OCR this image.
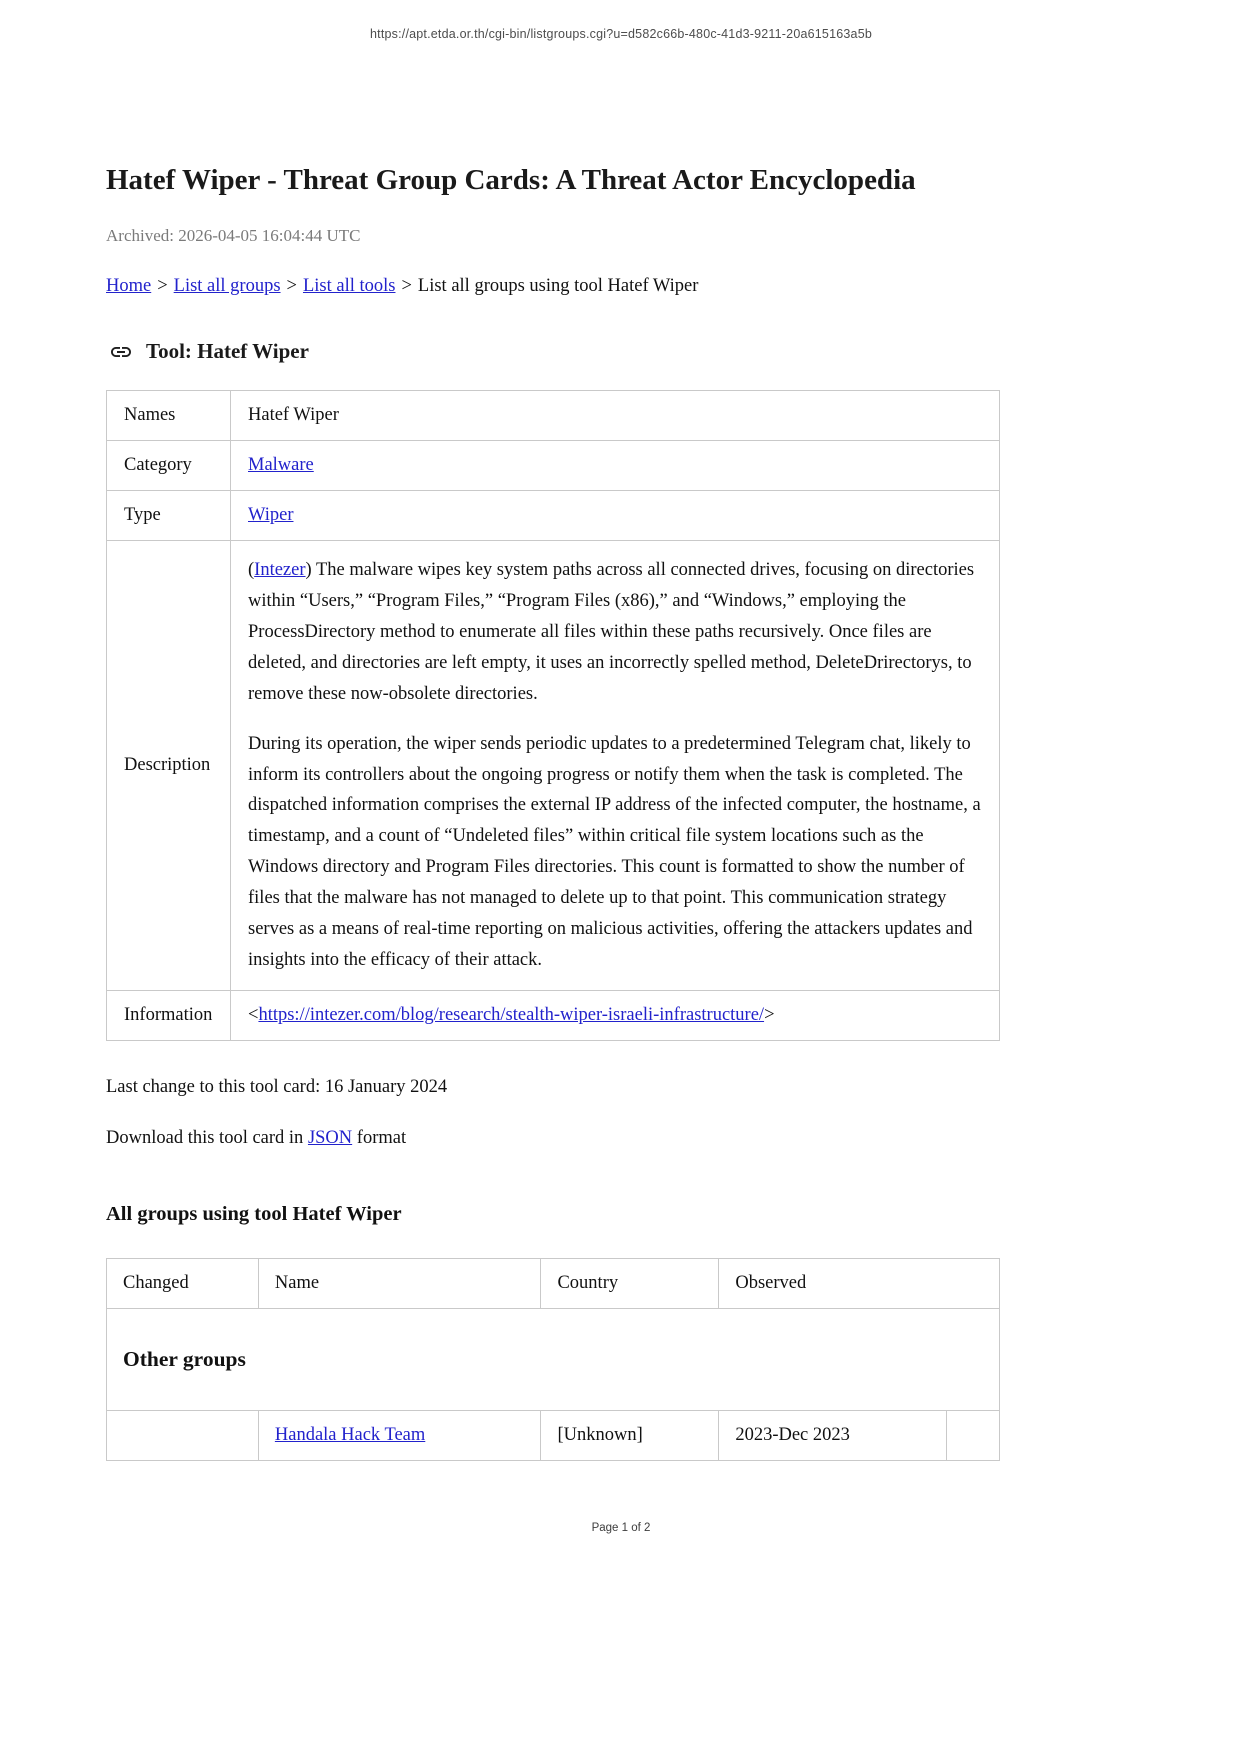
https://apt.etda.or.th/cgi-bin/listgroups.cgi?u=d582c66b-480c-41d3-9211-20a615163a5b
Hatef Wiper - Threat Group Cards: A Threat Actor Encyclopedia
Archived: 2026-04-05 16:04:44 UTC
Home > List all groups > List all tools > List all groups using tool Hatef Wiper
Tool: Hatef Wiper
Names	Hatef Wiper
Category	Malware
Type	Wiper
Description	(Intezer) The malware wipes key system paths across all connected drives, focusing on directories within “Users,” “Program Files,” “Program Files (x86),” and “Windows,” employing the ProcessDirectory method to enumerate all files within these paths recursively. Once files are deleted, and directories are left empty, it uses an incorrectly spelled method, DeleteDrirectorys, to remove these now-obsolete directories.

During its operation, the wiper sends periodic updates to a predetermined Telegram chat, likely to inform its controllers about the ongoing progress or notify them when the task is completed. The dispatched information comprises the external IP address of the infected computer, the hostname, a timestamp, and a count of “Undeleted files” within critical file system locations such as the Windows directory and Program Files directories. This count is formatted to show the number of files that the malware has not managed to delete up to that point. This communication strategy serves as a means of real-time reporting on malicious activities, offering the attackers updates and insights into the efficacy of their attack.

Information	<https://intezer.com/blog/research/stealth-wiper-israeli-infrastructure/>

Last change to this tool card: 16 January 2024

Download this tool card in JSON format

All groups using tool Hatef Wiper
Changed	Name	Country	Observed	
Other groups				
	Handala Hack Team	[Unknown]	2023-Dec 2023	
Page 1 of 2
